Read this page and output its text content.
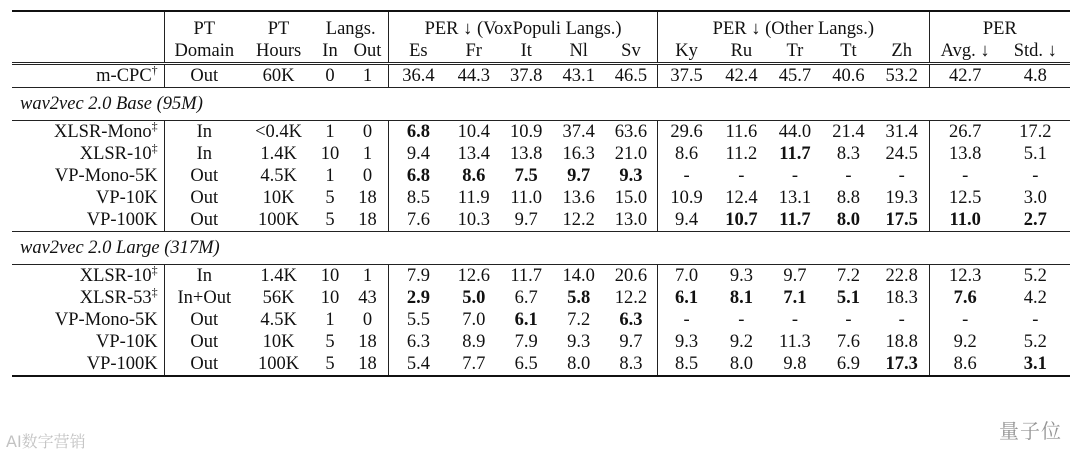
	PT	PT	Langs.		PER ↓ (VoxPopuli Langs.)					PER ↓ (Other Langs.)					PER	
	Domain	Hours	In	Out	Es	Fr	It	Nl	Sv	Ky	Ru	Tr	Tt	Zh	Avg. ↓	Std. ↓
m-CPC†	Out	60K	0	1	36.4	44.3	37.8	43.1	46.5	37.5	42.4	45.7	40.6	53.2	42.7	4.8
wav2vec 2.0 Base (95M)																
XLSR-Mono‡	In	<0.4K	1	0	6.8	10.4	10.9	37.4	63.6	29.6	11.6	44.0	21.4	31.4	26.7	17.2
XLSR-10‡	In	1.4K	10	1	9.4	13.4	13.8	16.3	21.0	8.6	11.2	11.7	8.3	24.5	13.8	5.1
VP-Mono-5K	Out	4.5K	1	0	6.8	8.6	7.5	9.7	9.3	-	-	-	-	-	-	-
VP-10K	Out	10K	5	18	8.5	11.9	11.0	13.6	15.0	10.9	12.4	13.1	8.8	19.3	12.5	3.0
VP-100K	Out	100K	5	18	7.6	10.3	9.7	12.2	13.0	9.4	10.7	11.7	8.0	17.5	11.0	2.7
wav2vec 2.0 Large (317M)																
XLSR-10‡	In	1.4K	10	1	7.9	12.6	11.7	14.0	20.6	7.0	9.3	9.7	7.2	22.8	12.3	5.2
XLSR-53‡	In+Out	56K	10	43	2.9	5.0	6.7	5.8	12.2	6.1	8.1	7.1	5.1	18.3	7.6	4.2
VP-Mono-5K	Out	4.5K	1	0	5.5	7.0	6.1	7.2	6.3	-	-	-	-	-	-	-
VP-10K	Out	10K	5	18	6.3	8.9	7.9	9.3	9.7	9.3	9.2	11.3	7.6	18.8	9.2	5.2
VP-100K	Out	100K	5	18	5.4	7.7	6.5	8.0	8.3	8.5	8.0	9.8	6.9	17.3	8.6	3.1
量子位
AI数字营销
